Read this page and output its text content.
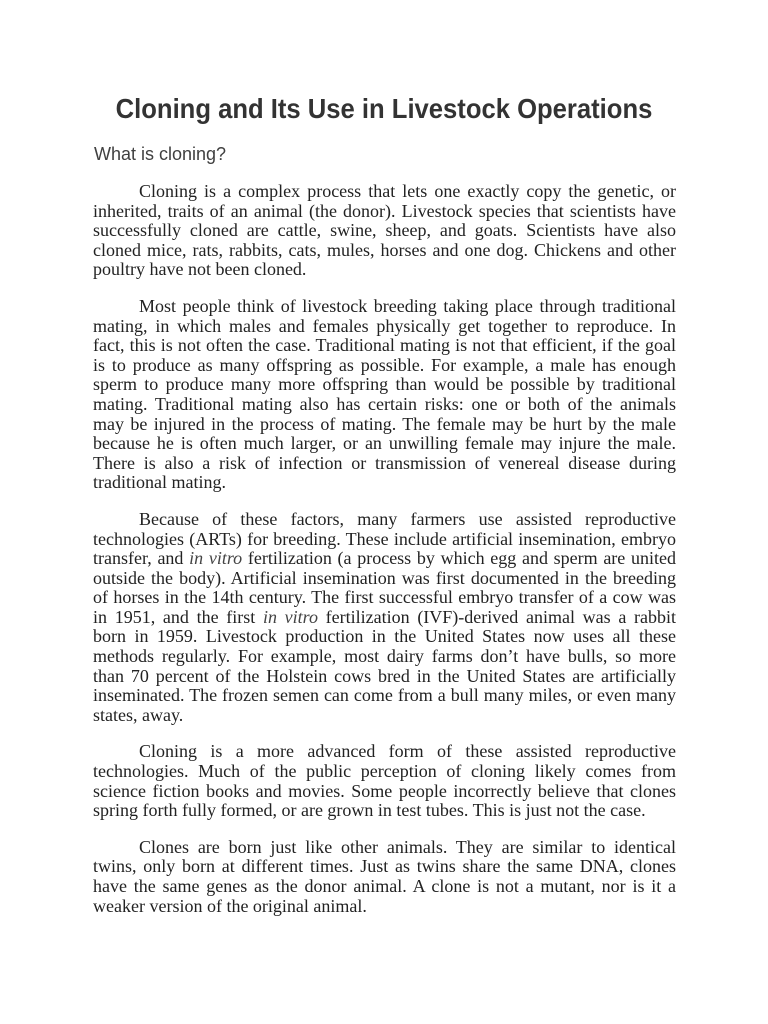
Cloning and Its Use in Livestock Operations
What is cloning?
Cloning is a complex process that lets one exactly copy the genetic, or
inherited, traits of an animal (the donor). Livestock species that scientists have
successfully cloned are cattle, swine, sheep, and goats. Scientists have also
cloned mice, rats, rabbits, cats, mules, horses and one dog. Chickens and other
poultry have not been cloned.
Most people think of livestock breeding taking place through traditional
mating, in which males and females physically get together to reproduce. In
fact, this is not often the case. Traditional mating is not that efficient, if the goal
is to produce as many offspring as possible. For example, a male has enough
sperm to produce many more offspring than would be possible by traditional
mating. Traditional mating also has certain risks: one or both of the animals
may be injured in the process of mating. The female may be hurt by the male
because he is often much larger, or an unwilling female may injure the male.
There is also a risk of infection or transmission of venereal disease during
traditional mating.
Because of these factors, many farmers use assisted reproductive
technologies (ARTs) for breeding. These include artificial insemination, embryo
transfer, and in vitro fertilization (a process by which egg and sperm are united
outside the body). Artificial insemination was first documented in the breeding
of horses in the 14th century. The first successful embryo transfer of a cow was
in 1951, and the first in vitro fertilization (IVF)-derived animal was a rabbit
born in 1959. Livestock production in the United States now uses all these
methods regularly. For example, most dairy farms don’t have bulls, so more
than 70 percent of the Holstein cows bred in the United States are artificially
inseminated. The frozen semen can come from a bull many miles, or even many
states, away.
Cloning is a more advanced form of these assisted reproductive
technologies. Much of the public perception of cloning likely comes from
science fiction books and movies. Some people incorrectly believe that clones
spring forth fully formed, or are grown in test tubes. This is just not the case.
Clones are born just like other animals. They are similar to identical
twins, only born at different times. Just as twins share the same DNA, clones
have the same genes as the donor animal. A clone is not a mutant, nor is it a
weaker version of the original animal.
